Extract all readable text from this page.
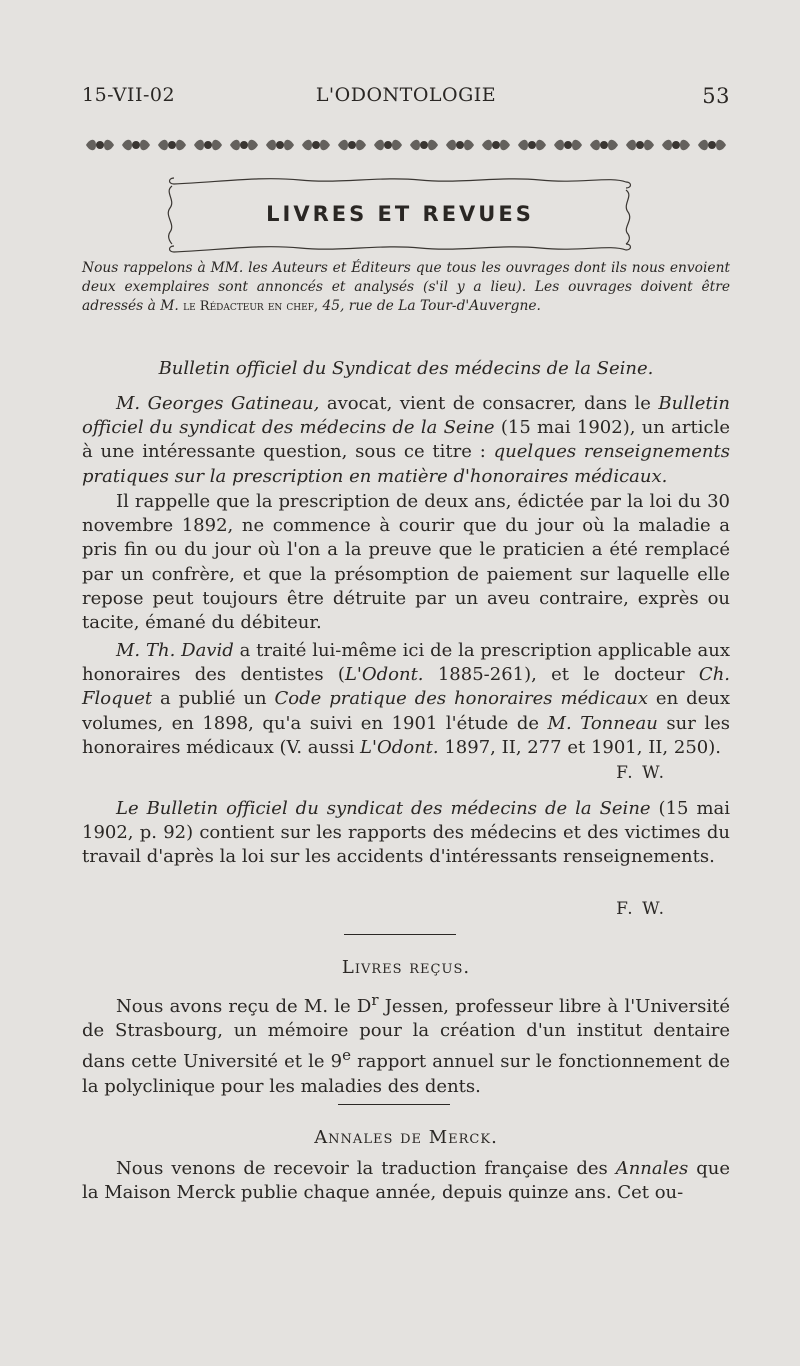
15-VII-02	L'ODONTOLOGIE	53
LIVRES ET REVUES
Nous rappelons à MM. les Auteurs et Éditeurs que tous les ouvrages dont ils nous envoient deux exemplaires sont annoncés et analysés (s'il y a lieu). Les ouvrages doivent être adressés à M. le Rédacteur en chef, 45, rue de La Tour-d'Auvergne.
Bulletin officiel du Syndicat des médecins de la Seine.
M. Georges Gatineau, avocat, vient de consacrer, dans le Bulletin officiel du syndicat des médecins de la Seine (15 mai 1902), un article à une intéressante question, sous ce titre : quelques renseignements pratiques sur la prescription en matière d'honoraires médicaux.
Il rappelle que la prescription de deux ans, édictée par la loi du 30 novembre 1892, ne commence à courir que du jour où la maladie a pris fin ou du jour où l'on a la preuve que le praticien a été remplacé par un confrère, et que la présomption de paiement sur laquelle elle repose peut toujours être détruite par un aveu contraire, exprès ou tacite, émané du débiteur.
M. Th. David a traité lui-même ici de la prescription applicable aux honoraires des dentistes (L'Odont. 1885-261), et le docteur Ch. Floquet a publié un Code pratique des honoraires médicaux en deux volumes, en 1898, qu'a suivi en 1901 l'étude de M. Tonneau sur les honoraires médicaux (V. aussi L'Odont. 1897, II, 277 et 1901, II, 250).
F. W.
Le Bulletin officiel du syndicat des médecins de la Seine (15 mai 1902, p. 92) contient sur les rapports des médecins et des victimes du travail d'après la loi sur les accidents d'intéressants renseignements.
F. W.
Livres reçus.
Nous avons reçu de M. le $D^r$ Jessen, professeur libre à l'Université de Strasbourg, un mémoire pour la création d'un institut dentaire dans cette Université et le 9e rapport annuel sur le fonctionnement de la polyclinique pour les maladies des dents.
Annales de Merck.
Nous venons de recevoir la traduction française des Annales que la Maison Merck publie chaque année, depuis quinze ans. Cet ou-
